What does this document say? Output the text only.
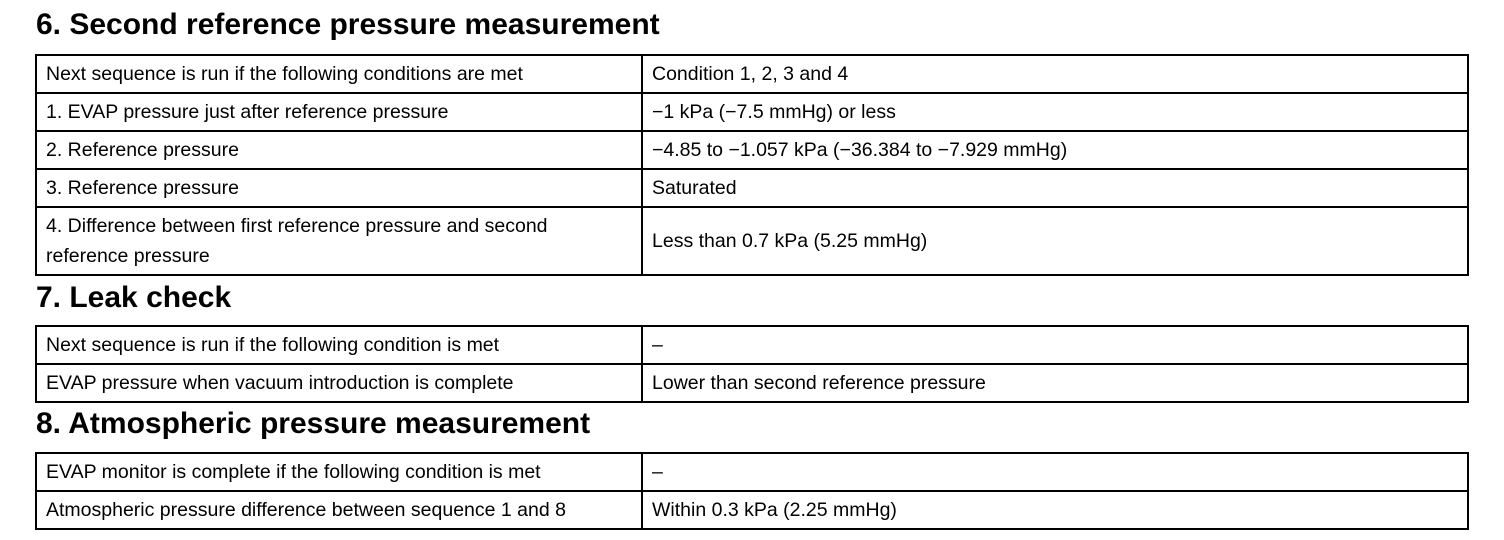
6. Second reference pressure measurement
Next sequence is run if the following conditions are met	Condition 1, 2, 3 and 4
1. EVAP pressure just after reference pressure	−1 kPa (−7.5 mmHg) or less
2. Reference pressure	−4.85 to −1.057 kPa (−36.384 to −7.929 mmHg)
3. Reference pressure	Saturated
4. Difference between first reference pressure and second reference pressure	Less than 0.7 kPa (5.25 mmHg)
7. Leak check
Next sequence is run if the following condition is met	–
EVAP pressure when vacuum introduction is complete	Lower than second reference pressure
8. Atmospheric pressure measurement
EVAP monitor is complete if the following condition is met	–
Atmospheric pressure difference between sequence 1 and 8	Within 0.3 kPa (2.25 mmHg)
